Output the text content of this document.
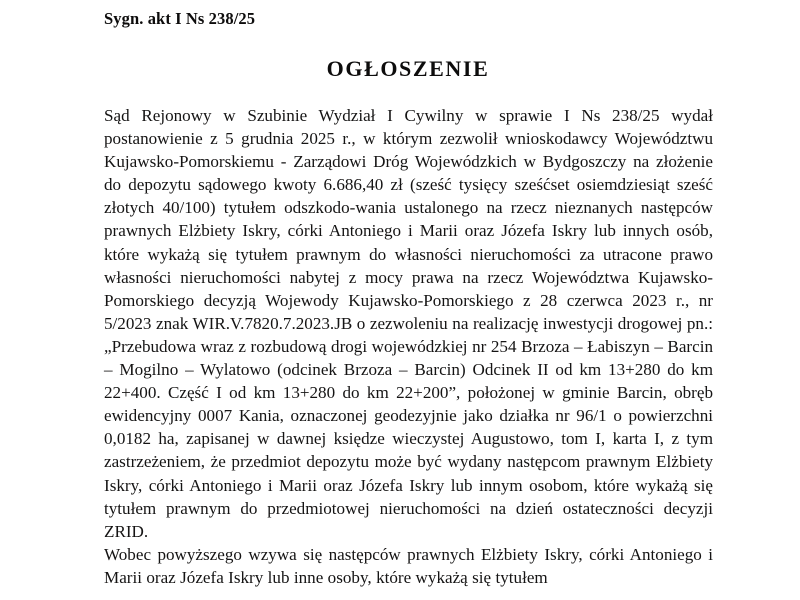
Sygn. akt I Ns 238/25
OGŁOSZENIE

Sąd Rejonowy w Szubinie Wydział I Cywilny w sprawie I Ns 238/25 wydał postanowienie z 5 grudnia 2025 r., w którym zezwolił wnioskodawcy Województwu Kujawsko-Pomorskiemu - Zarządowi Dróg Wojewódzkich w Bydgoszczy na złożenie do depozytu sądowego kwoty 6.686,40 zł (sześć tysięcy sześćset osiemdziesiąt sześć złotych 40/100) tytułem odszkodo-wania ustalonego na rzecz nieznanych następców prawnych Elżbiety Iskry, córki Antoniego i Marii oraz Józefa Iskry lub innych osób, które wykażą się tytułem prawnym do własności nieruchomości za utracone prawo własności nieruchomości nabytej z mocy prawa na rzecz Województwa Kujawsko-Pomorskiego decyzją Wojewody Kujawsko-Pomorskiego z 28 czerwca 2023 r., nr 5/2023 znak WIR.V.7820.7.2023.JB o zezwoleniu na realizację inwestycji drogowej pn.: „Przebudowa wraz z rozbudową drogi wojewódzkiej nr 254 Brzoza – Łabiszyn – Barcin – Mogilno – Wylatowo (odcinek Brzoza – Barcin) Odcinek II od km 13+280 do km 22+400. Część I od km 13+280 do km 22+200”, położonej w gminie Barcin, obręb ewidencyjny 0007 Kania, oznaczonej geodezyjnie jako działka nr 96/1 o powierzchni 0,0182 ha, zapisanej w dawnej księdze wieczystej Augustowo, tom I, karta I, z tym zastrzeżeniem, że przedmiot depozytu może być wydany następcom prawnym Elżbiety Iskry, córki Antoniego i Marii oraz Józefa Iskry lub innym osobom, które wykażą się tytułem prawnym do przedmiotowej nieruchomości na dzień ostateczności decyzji ZRID.

Wobec powyższego wzywa się następców prawnych Elżbiety Iskry, córki Antoniego i Marii oraz Józefa Iskry lub inne osoby, które wykażą się tytułem
